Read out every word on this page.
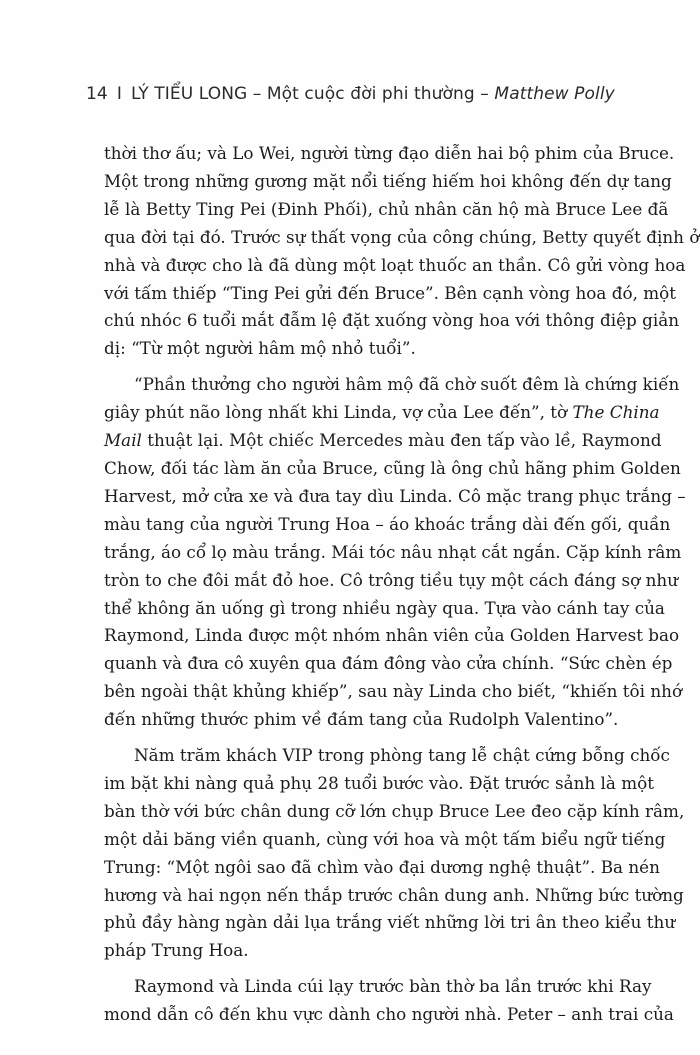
14 I LÝ TIỂU LONG – Một cuộc đời phi thường – Matthew Polly

thời thơ ấu; và Lo Wei, người từng đạo diễn hai bộ phim của Bruce.
Một trong những gương mặt nổi tiếng hiếm hoi không đến dự tang
lễ là Betty Ting Pei (Đinh Phối), chủ nhân căn hộ mà Bruce Lee đã
qua đời tại đó. Trước sự thất vọng của công chúng, Betty quyết định ở
nhà và được cho là đã dùng một loạt thuốc an thần. Cô gửi vòng hoa
với tấm thiếp “Ting Pei gửi đến Bruce”. Bên cạnh vòng hoa đó, một
chú nhóc 6 tuổi mắt đẫm lệ đặt xuống vòng hoa với thông điệp giản
dị: “Từ một người hâm mộ nhỏ tuổi”.

“Phần thưởng cho người hâm mộ đã chờ suốt đêm là chứng kiến
giây phút não lòng nhất khi Linda, vợ của Lee đến”, tờ The China
Mail thuật lại. Một chiếc Mercedes màu đen tấp vào lề, Raymond
Chow, đối tác làm ăn của Bruce, cũng là ông chủ hãng phim Golden
Harvest, mở cửa xe và đưa tay dìu Linda. Cô mặc trang phục trắng –
màu tang của người Trung Hoa – áo khoác trắng dài đến gối, quần
trắng, áo cổ lọ màu trắng. Mái tóc nâu nhạt cắt ngắn. Cặp kính râm
tròn to che đôi mắt đỏ hoe. Cô trông tiều tụy một cách đáng sợ như
thể không ăn uống gì trong nhiều ngày qua. Tựa vào cánh tay của
Raymond, Linda được một nhóm nhân viên của Golden Harvest bao
quanh và đưa cô xuyên qua đám đông vào cửa chính. “Sức chèn ép
bên ngoài thật khủng khiếp”, sau này Linda cho biết, “khiến tôi nhớ
đến những thước phim về đám tang của Rudolph Valentino”.

Năm trăm khách VIP trong phòng tang lễ chật cứng bỗng chốc
im bặt khi nàng quả phụ 28 tuổi bước vào. Đặt trước sảnh là một
bàn thờ với bức chân dung cỡ lớn chụp Bruce Lee đeo cặp kính râm,
một dải băng viền quanh, cùng với hoa và một tấm biểu ngữ tiếng
Trung: “Một ngôi sao đã chìm vào đại dương nghệ thuật”. Ba nén
hương và hai ngọn nến thắp trước chân dung anh. Những bức tường
phủ đầy hàng ngàn dải lụa trắng viết những lời tri ân theo kiểu thư
pháp Trung Hoa.

Raymond và Linda cúi lạy trước bàn thờ ba lần trước khi Ray
mond dẫn cô đến khu vực dành cho người nhà. Peter – anh trai của
